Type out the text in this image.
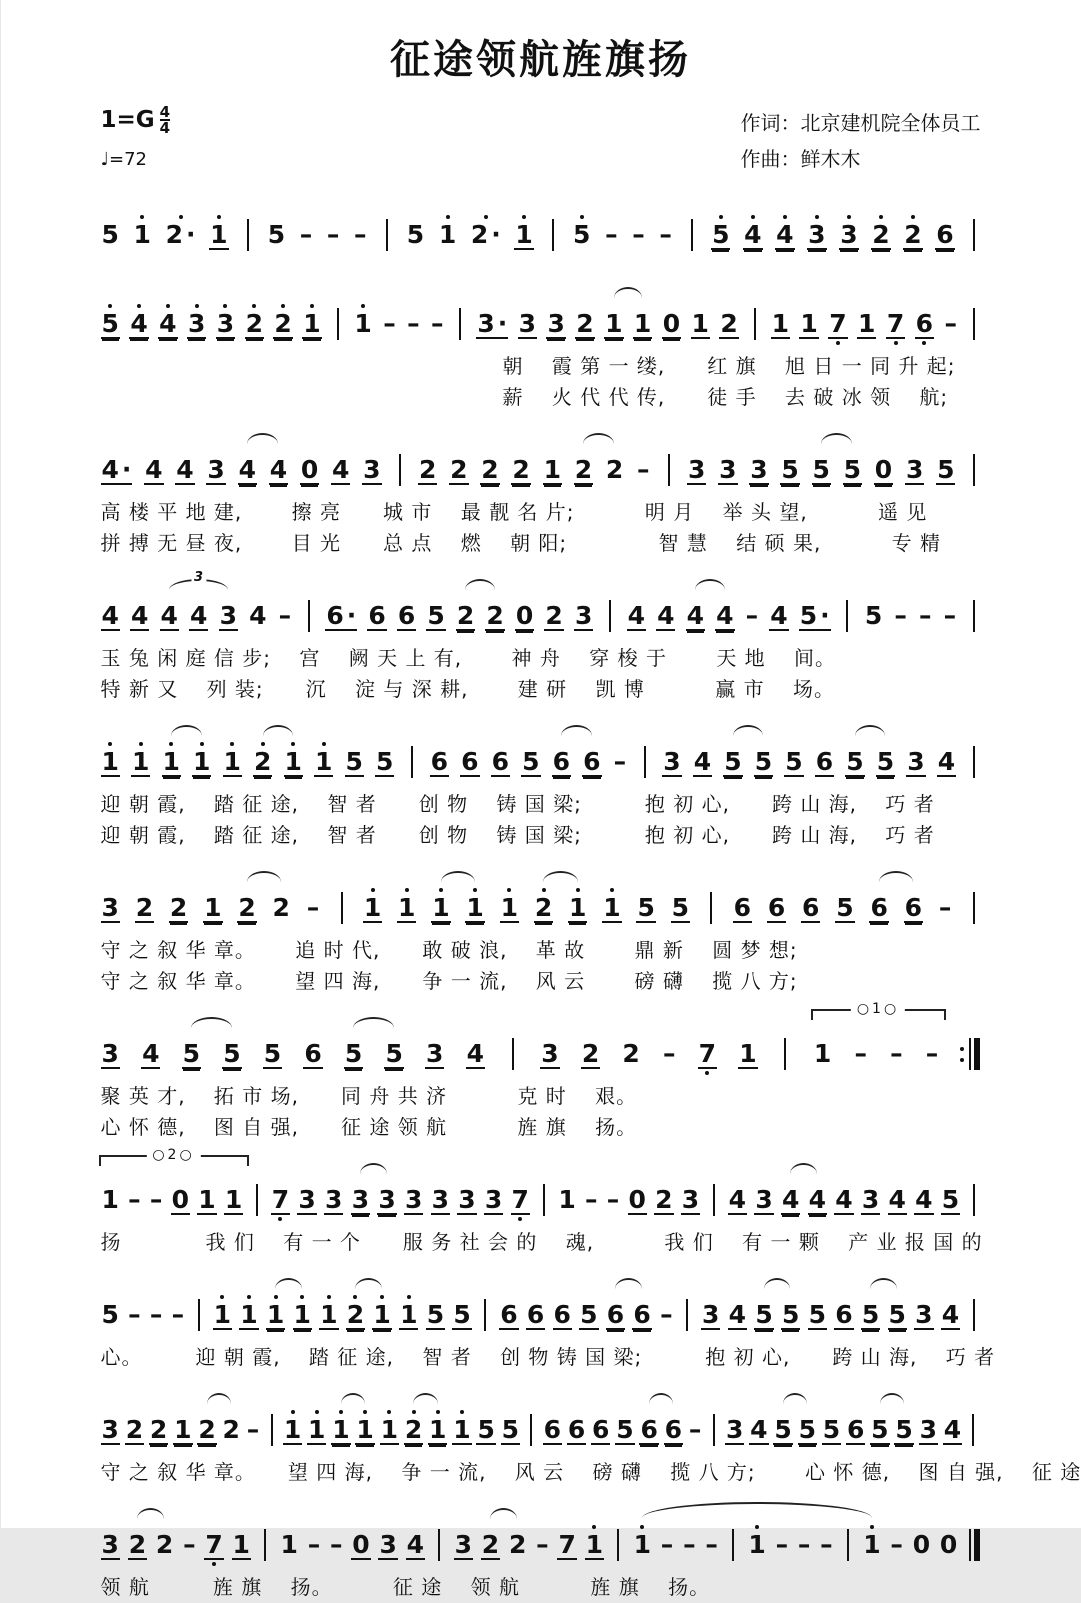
征途领航旌旗扬
1=G 4
4
♩=72
作词：北京建机院全体员工
作曲：鲜木木
5 1 2 · 1 5 – – – 5 1 2 · 1 5 – – – 5 4 4 3 3 2 2 6
5 4 4 3 3 2 2 1 1 – – – 3 · 3 3 2 1 1 0 1 2 1 1 7 1 7 6 –
朝　 霞 第 一 缕,　　红 旗　 旭 日 一 同 升 起;
薪　 火 代 代 传,　　徒 手　 去 破 冰 领　 航;
4 · 4 4 3 4 4 0 4 3 2 2 2 2 1 2 2 – 3 3 3 5 5 5 0 3 5
高 楼 平 地 建,　　 擦 亮　　城 市　 最 靓 名 片;　　　 明 月　 举 头 望,　　　 遥 见
拼 搏 无 昼 夜,　　 目 光　　总 点　 燃　 朝 阳;　　　　 智 慧　 结 硕 果,　　　 专 精
4 4 4 4 3 4 – 6 · 6 6 5 2 2 0 2 3 4 4 4 4 – 4 5 · 5 – – –
3
玉 兔 闲 庭 信 步;　 宫　 阙 天 上 有,　　 神 舟　 穿 梭 于　　 天 地　 间。
特 新 又　 列 装;　　沉　 淀 与 深 耕,　　 建 研　 凯 博　　　 赢 市　 场。
1 1 1 1 1 2 1 1 5 5 6 6 6 5 6 6 – 3 4 5 5 5 6 5 5 3 4
迎 朝 霞,　 踏 征 途,　 智 者　　创 物　 铸 国 梁;　　　抱 初 心,　　跨 山 海,　 巧 者
迎 朝 霞,　 踏 征 途,　 智 者　　创 物　 铸 国 梁;　　　抱 初 心,　　跨 山 海,　 巧 者
3 2 2 1 2 2 – 1 1 1 1 1 2 1 1 5 5 6 6 6 5 6 6 –
守 之 叙 华 章。　　 追 时 代,　　敢 破 浪,　 革 故　　 鼎 新　 圆 梦 想;
守 之 叙 华 章。　　 望 四 海,　　争 一 流,　 风 云　　 磅 礴　 揽 八 方;
3 4 5 5 5 6 5 5 3 4 3 2 2 – 7 1 1 – – –
○1○
聚 英 才,　 拓 市 场,　　同 舟 共 济　　　 克 时　 艰。
心 怀 德,　 图 自 强,　　征 途 领 航　　　 旌 旗　 扬。
1 – – 0 1 1 7 3 3 3 3 3 3 3 3 7 1 – – 0 2 3 4 3 4 4 4 3 4 4 5
○2○
扬　　　　我 们　 有 一 个　　服 务 社 会 的　 魂,　　　 我 们　 有 一 颗　 产 业 报 国 的
5 – – – 1 1 1 1 1 2 1 1 5 5 6 6 6 5 6 6 – 3 4 5 5 5 6 5 5 3 4
心。　　　迎 朝 霞,　 踏 征 途,　 智 者　 创 物 铸 国 梁;　　　抱 初 心,　　跨 山 海,　 巧 者
3 2 2 1 2 2 – 1 1 1 1 1 2 1 1 5 5 6 6 6 5 6 6 – 3 4 5 5 5 6 5 5 3 4
守 之 叙 华 章。　　望 四 海,　 争 一 流,　 风 云　 磅 礴　 揽 八 方;　　 心 怀 德,　 图 自 强,　 征 途
3 2 2 – 7 1 1 – – 0 3 4 3 2 2 – 7 1 1 – – – 1 – – – 1 – 0 0
领 航　　　旌 旗　 扬。　　　 征 途　 领 航　　　 旌 旗　 扬。
